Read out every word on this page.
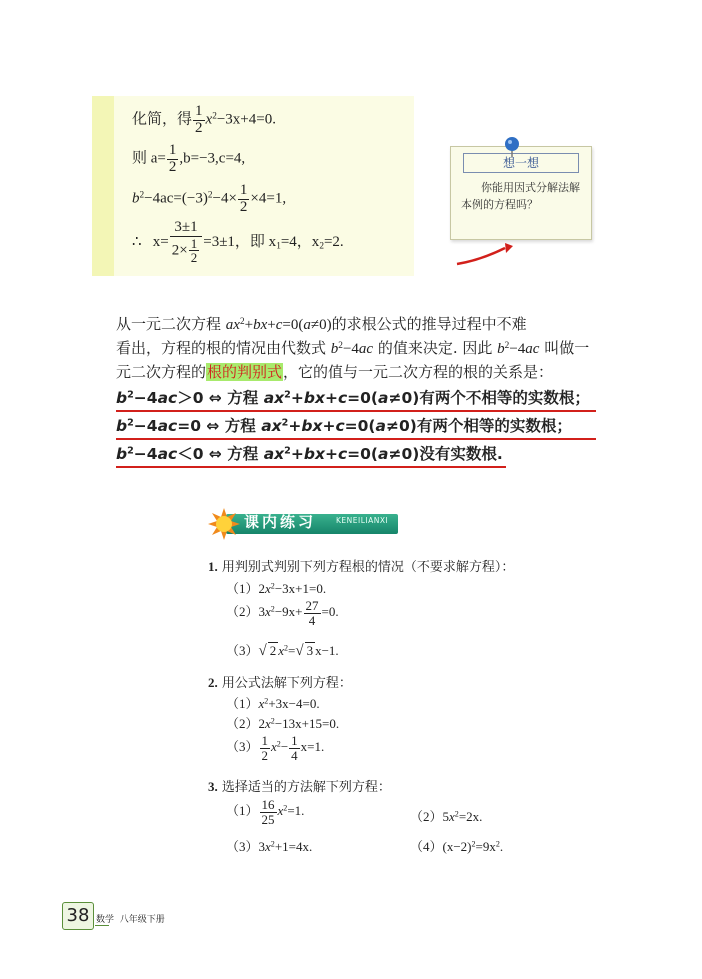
化简，得 $\frac{1}{2} x^2-3x+4=0$.
则 $a= \frac{1}{2} ,b=-3,c=4$,
$b^2-4ac=(-3)^2-4\times \frac{1}{2} \times 4=1$,
∴ $x= \frac{3\pm 1}{2\times \frac{1}{2}} =3\pm 1$，即 $x_1=4$，$x_2=2$.
想一想
你能用因式分解法解本例的方程吗？
从一元二次方程 $ax^2+bx+c=0(a\ne 0)$的求根公式的推导过程中不难
看出，方程的根的情况由代数式 $b^2-4ac$ 的值来决定. 因此 $b^2-4ac$ 叫做一
元二次方程的根的判别式，它的值与一元二次方程的根的关系是：
$b^2-4ac>0$ ⇔ 方程 $ax^2+bx+c=0(a\ne 0)$有两个不相等的实数根；
$b^2-4ac=0$ ⇔ 方程 $ax^2+bx+c=0(a\ne 0)$有两个相等的实数根；
$b^2-4ac<0$ ⇔ 方程 $ax^2+bx+c=0(a\ne 0)$没有实数根.
课内练习	KENEILIANXI
1. 用判别式判别下列方程根的情况（不要求解方程）：
$(1)2x^2-3x+1=0$.
$(2)3x^2-9x+ \frac{27}{4} =0$.
（3）√ 2 $x^2=√$ 3 x−1.
2. 用公式法解下列方程：
$(1)x^2+3x-4=0$.
$(2)2x^2-13x+15=0$.
$(3) \frac{1}{2} x^2- \frac{1}{4} x=1$.
3. 选择适当的方法解下列方程：
$(1) \frac{16}{25} x^2=1$.	$(2)5x^2=2x$.
$(3)3x^2+1=4x$.	$(4)(x-2)^2=9x^2$.
38 数学 八年级下册
